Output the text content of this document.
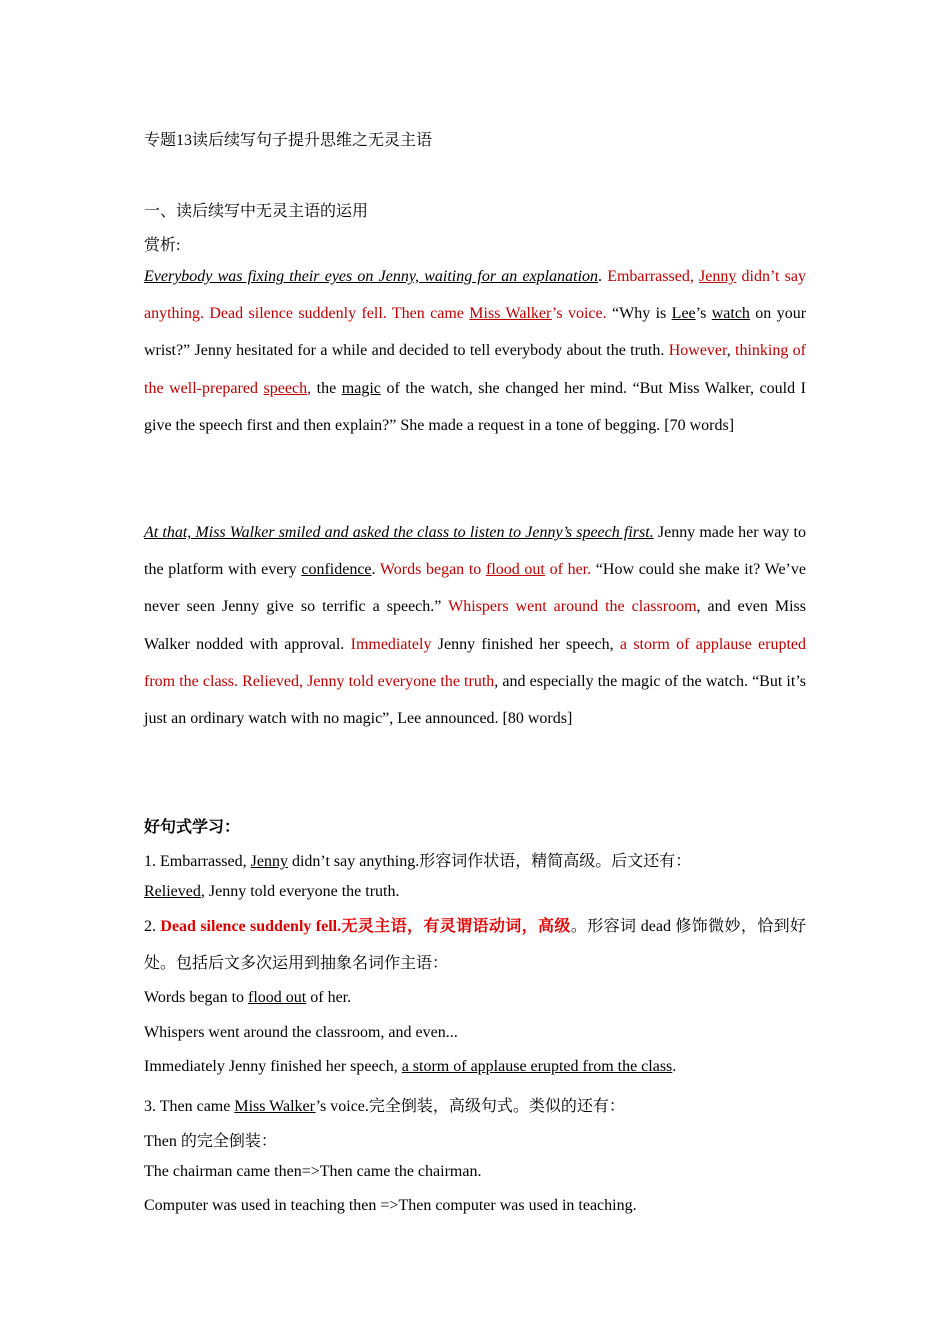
专题13读后续写句子提升思维之无灵主语
一、读后续写中无灵主语的运用
赏析:
Everybody was fixing their eyes on Jenny, waiting for an explanation. Embarrassed, Jenny didn’t say anything. Dead silence suddenly fell. Then came Miss Walker’s voice. “Why is Lee’s watch on your wrist?” Jenny hesitated for a while and decided to tell everybody about the truth. However, thinking of the well-prepared speech, the magic of the watch, she changed her mind. “But Miss Walker, could I give the speech first and then explain?” She made a request in a tone of begging. [70 words]
At that, Miss Walker smiled and asked the class to listen to Jenny’s speech first. Jenny made her way to the platform with every confidence. Words began to flood out of her. “How could she make it? We’ve never seen Jenny give so terrific a speech.” Whispers went around the classroom, and even Miss Walker nodded with approval. Immediately Jenny finished her speech, a storm of applause erupted from the class. Relieved, Jenny told everyone the truth, and especially the magic of the watch. “But it’s just an ordinary watch with no magic”, Lee announced. [80 words]
好句式学习：
1. Embarrassed, Jenny didn’t say anything.形容词作状语，精简高级。后文还有：
Relieved, Jenny told everyone the truth.
2. Dead silence suddenly fell.无灵主语，有灵谓语动词，高级。形容词 dead 修饰微妙，恰到好处。包括后文多次运用到抽象名词作主语：
Words began to flood out of her.
Whispers went around the classroom, and even...
Immediately Jenny finished her speech, a storm of applause erupted from the class.
3. Then came Miss Walker’s voice.完全倒装，高级句式。类似的还有：
Then 的完全倒装：
The chairman came then=>Then came the chairman.
Computer was used in teaching then =>Then computer was used in teaching.
